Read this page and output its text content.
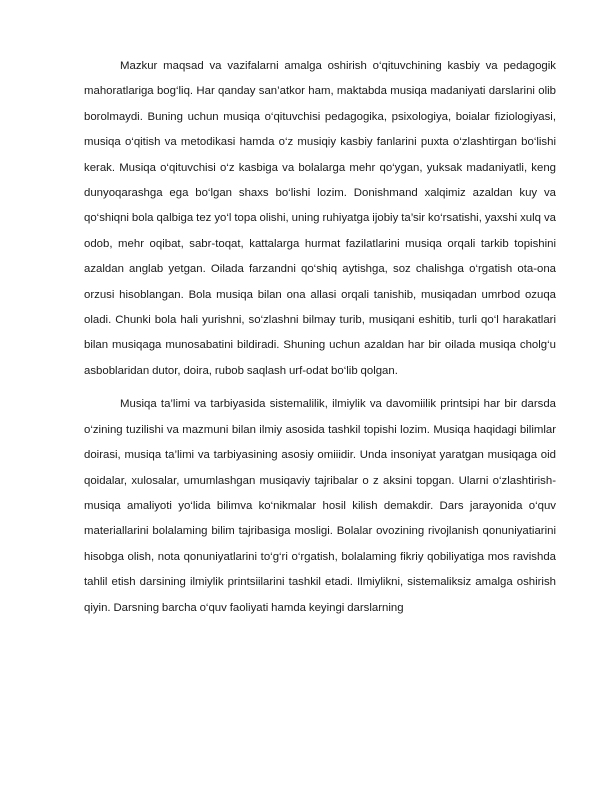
Mazkur maqsad va vazifalarni amalga oshirish o‘qituvchining kasbiy va pedagogik mahoratlariga bog‘liq. Har qanday san’atkor ham, maktabda musiqa madaniyati darslarini olib borolmaydi. Buning uchun musiqa o‘qituvchisi pedagogika, psixologiya, boialar fiziologiyasi, musiqa o‘qitish va metodikasi hamda o‘z musiqiy kasbiy fanlarini puxta o‘zlashtirgan bo‘lishi kerak. Musiqa o‘qituvchisi o‘z kasbiga va bolalarga mehr qo‘ygan, yuksak madaniyatli, keng dunyoqarashga ega bo‘lgan shaxs bo‘lishi lozim. Donishmand xalqimiz azaldan kuy va qo‘shiqni bola qalbiga tez yo‘l topa olishi, uning ruhiyatga ijobiy ta’sir ko‘rsatishi, yaxshi xulq va odob, mehr oqibat, sabr-toqat, kattalarga hurmat fazilatlarini musiqa orqali tarkib topishini azaldan anglab yetgan. Oilada farzandni qo‘shiq aytishga, soz chalishga o‘rgatish ota-ona orzusi hisoblangan. Bola musiqa bilan ona allasi orqali tanishib, musiqadan umrbod ozuqa oladi. Chunki bola hali yurishni, so‘zlashni bilmay turib, musiqani eshitib, turli qo‘l harakatlari bilan musiqaga munosabatini bildiradi. Shuning uchun azaldan har bir oilada musiqa cholg‘u asboblaridan dutor, doira, rubob saqlash urf-odat bo‘lib qolgan.

Musiqa ta’limi va tarbiyasida sistemalilik, ilmiylik va davomiilik printsipi har bir darsda o‘zining tuzilishi va mazmuni bilan ilmiy asosida tashkil topishi lozim. Musiqa haqidagi bilimlar doirasi, musiqa ta’limi va tarbiyasining asosiy omiiidir. Unda insoniyat yaratgan musiqaga oid qoidalar, xulosalar, umumlashgan musiqaviy tajribalar o z aksini topgan. Ularni o‘zlashtirish-musiqa amaliyoti yo‘lida bilimva ko‘nikmalar hosil kilish demakdir. Dars jarayonida o‘quv materiallarini bolalaming bilim tajribasiga mosligi. Bolalar ovozining rivojlanish qonuniyatiarini hisobga olish, nota qonuniyatlarini to‘g‘ri o‘rgatish, bolalaming fikriy qobiliyatiga mos ravishda tahlil etish darsining ilmiylik printsiilarini tashkil etadi. Ilmiylikni, sistemaliksiz amalga oshirish qiyin. Darsning barcha o‘quv faoliyati hamda keyingi darslarning
